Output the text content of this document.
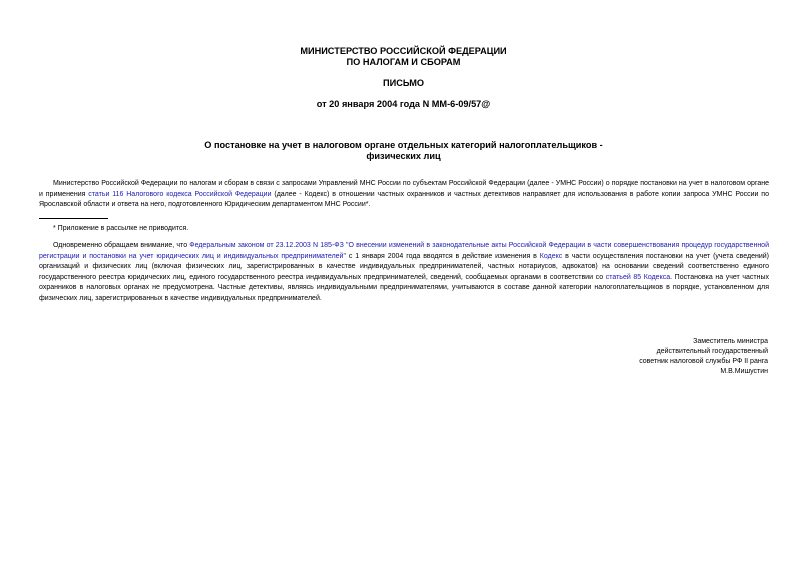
МИНИСТЕРСТВО РОССИЙСКОЙ ФЕДЕРАЦИИ
ПО НАЛОГАМ И СБОРАМ
ПИСЬМО
от 20 января 2004 года N ММ-6-09/57@
О постановке на учет в налоговом органе отдельных категорий налогоплательщиков -
физических лиц
Министерство Российской Федерации по налогам и сборам в связи с запросами Управлений МНС России по субъектам Российской Федерации (далее - УМНС России) о порядке постановки на учет в налоговом органе и применения статьи 116 Налогового кодекса Российской Федерации (далее - Кодекс) в отношении частных охранников и частных детективов направляет для использования в работе копии запроса УМНС России по Ярославской области и ответа на него, подготовленного Юридическим департаментом МНС России*.
* Приложение в рассылке не приводится.
Одновременно обращаем внимание, что Федеральным законом от 23.12.2003 N 185-ФЗ "О внесении изменений в законодательные акты Российской Федерации в части совершенствования процедур государственной регистрации и постановки на учет юридических лиц и индивидуальных предпринимателей" с 1 января 2004 года вводятся в действие изменения в Кодекс в части осуществления постановки на учет (учета сведений) организаций и физических лиц (включая физических лиц, зарегистрированных в качестве индивидуальных предпринимателей, частных нотариусов, адвокатов) на основании сведений соответственно единого государственного реестра юридических лиц, единого государственного реестра индивидуальных предпринимателей, сведений, сообщаемых органами в соответствии со статьей 85 Кодекса. Постановка на учет частных охранников в налоговых органах не предусмотрена. Частные детективы, являясь индивидуальными предпринимателями, учитываются в составе данной категории налогоплательщиков в порядке, установленном для физических лиц, зарегистрированных в качестве индивидуальных предпринимателей.
Заместитель министра
действительный государственный
советник налоговой службы РФ II ранга
М.В.Мишустин
